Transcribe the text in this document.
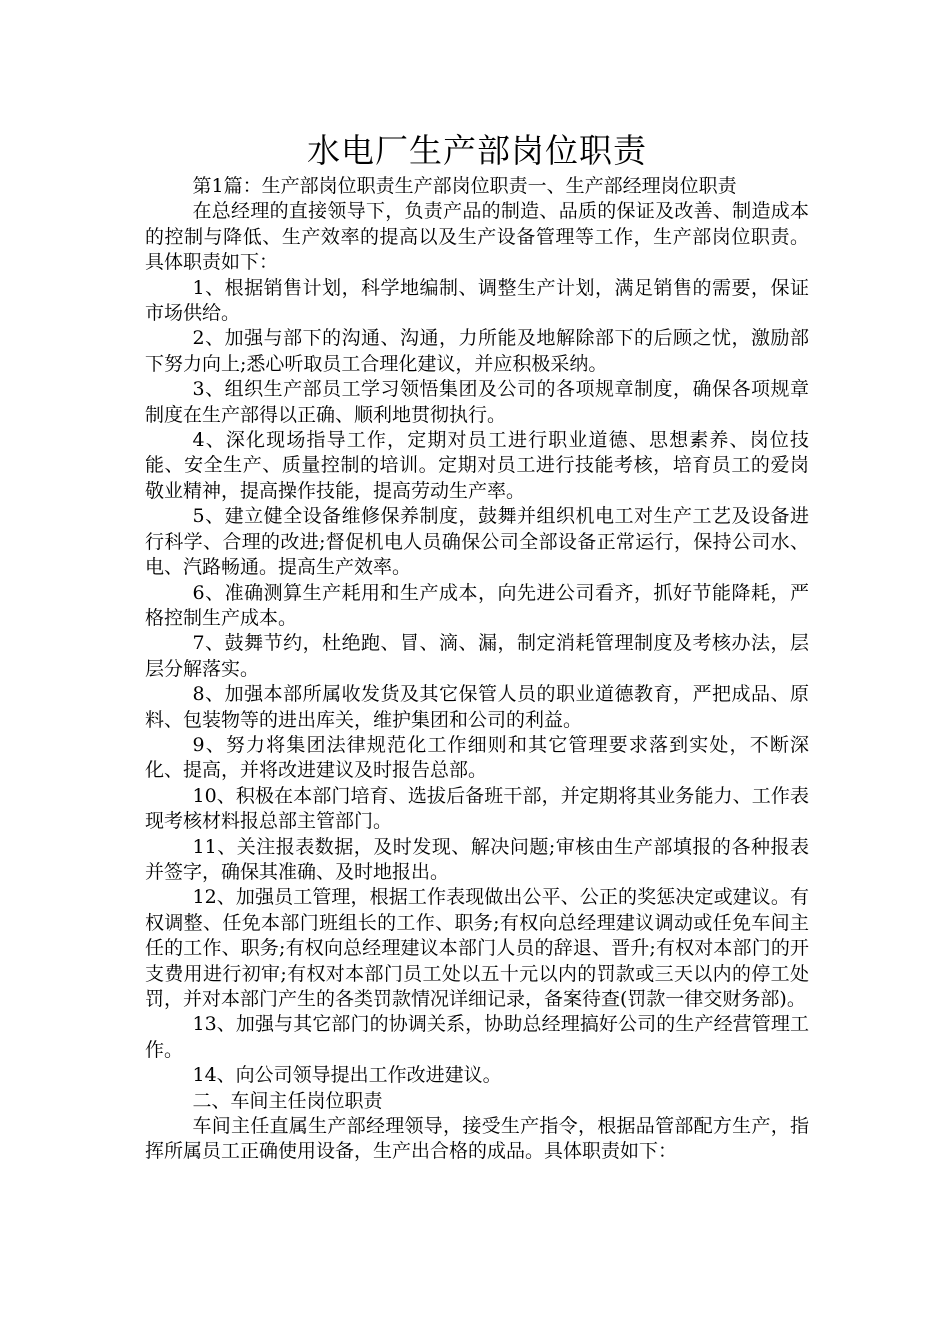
水电厂生产部岗位职责

第1篇：生产部岗位职责生产部岗位职责一、生产部经理岗位职责

在总经理的直接领导下，负责产品的制造、品质的保证及改善、制造成本的控制与降低、生产效率的提高以及生产设备管理等工作，生产部岗位职责。具体职责如下：

1、根据销售计划，科学地编制、调整生产计划，满足销售的需要，保证市场供给。

2、加强与部下的沟通、沟通，力所能及地解除部下的后顾之忧，激励部下努力向上;悉心听取员工合理化建议，并应积极采纳。

3、组织生产部员工学习领悟集团及公司的各项规章制度，确保各项规章制度在生产部得以正确、顺利地贯彻执行。

4、深化现场指导工作，定期对员工进行职业道德、思想素养、岗位技能、安全生产、质量控制的培训。定期对员工进行技能考核，培育员工的爱岗敬业精神，提高操作技能，提高劳动生产率。

5、建立健全设备维修保养制度，鼓舞并组织机电工对生产工艺及设备进行科学、合理的改进;督促机电人员确保公司全部设备正常运行，保持公司水、电、汽路畅通。提高生产效率。

6、准确测算生产耗用和生产成本，向先进公司看齐，抓好节能降耗，严格控制生产成本。

7、鼓舞节约，杜绝跑、冒、滴、漏，制定消耗管理制度及考核办法，层层分解落实。

8、加强本部所属收发货及其它保管人员的职业道德教育，严把成品、原料、包装物等的进出库关，维护集团和公司的利益。

9、努力将集团法律规范化工作细则和其它管理要求落到实处，不断深化、提高，并将改进建议及时报告总部。

10、积极在本部门培育、选拔后备班干部，并定期将其业务能力、工作表现考核材料报总部主管部门。

11、关注报表数据，及时发现、解决问题;审核由生产部填报的各种报表并签字，确保其准确、及时地报出。

12、加强员工管理，根据工作表现做出公平、公正的奖惩决定或建议。有权调整、任免本部门班组长的工作、职务;有权向总经理建议调动或任免车间主任的工作、职务;有权向总经理建议本部门人员的辞退、晋升;有权对本部门的开支费用进行初审;有权对本部门员工处以五十元以内的罚款或三天以内的停工处罚，并对本部门产生的各类罚款情况详细记录，备案待查(罚款一律交财务部)。

13、加强与其它部门的协调关系，协助总经理搞好公司的生产经营管理工作。

14、向公司领导提出工作改进建议。

二、车间主任岗位职责

车间主任直属生产部经理领导，接受生产指令，根据品管部配方生产，指挥所属员工正确使用设备，生产出合格的成品。具体职责如下：
